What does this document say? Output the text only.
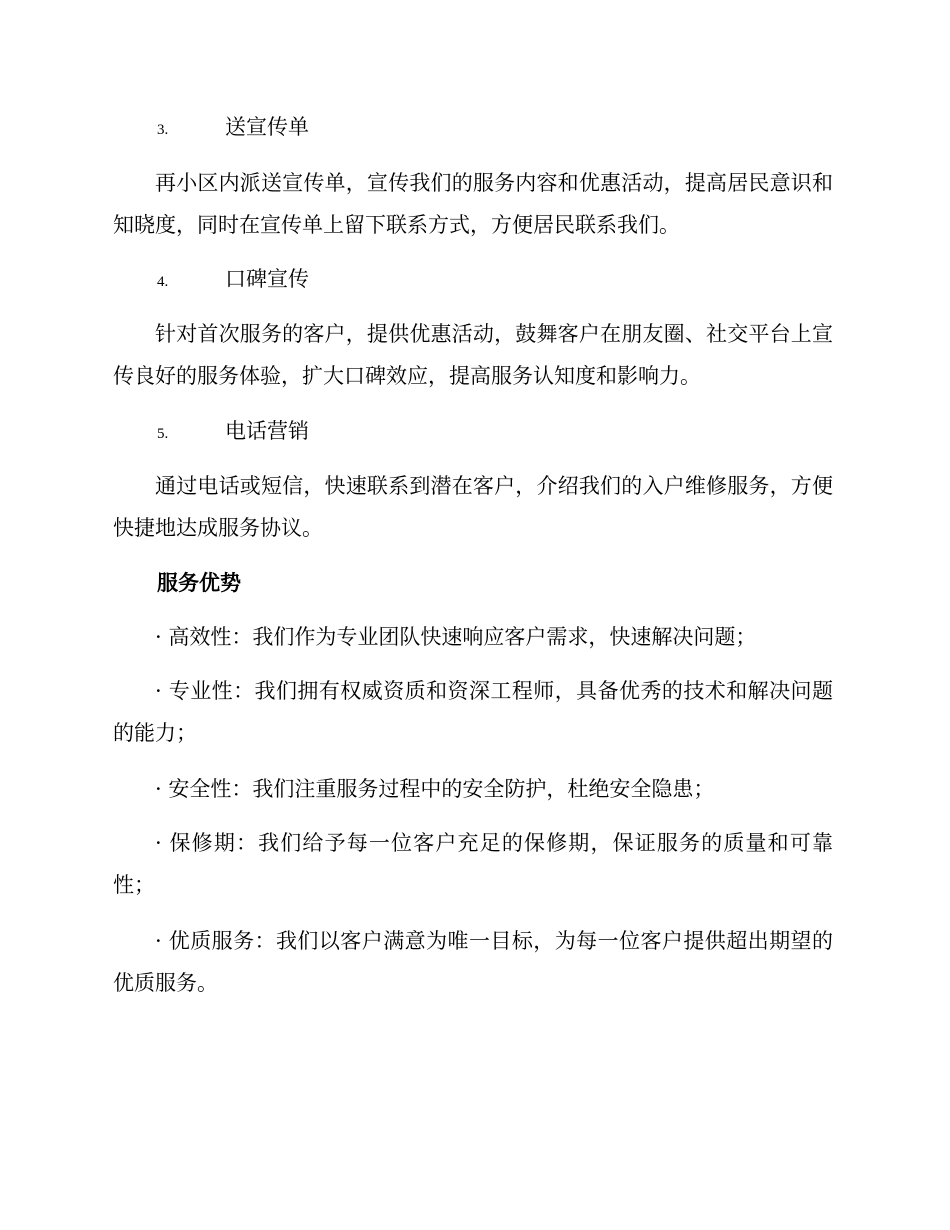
3.	送宣传单

再小区内派送宣传单，宣传我们的服务内容和优惠活动，提高居民意识和知晓度，同时在宣传单上留下联系方式，方便居民联系我们。

4.	口碑宣传

针对首次服务的客户，提供优惠活动，鼓舞客户在朋友圈、社交平台上宣传良好的服务体验，扩大口碑效应，提高服务认知度和影响力。

5.	电话营销

通过电话或短信，快速联系到潜在客户，介绍我们的入户维修服务，方便快捷地达成服务协议。

服务优势

· 高效性：我们作为专业团队快速响应客户需求，快速解决问题；

· 专业性：我们拥有权威资质和资深工程师，具备优秀的技术和解决问题的能力；

· 安全性：我们注重服务过程中的安全防护，杜绝安全隐患；

· 保修期：我们给予每一位客户充足的保修期，保证服务的质量和可靠性；

· 优质服务：我们以客户满意为唯一目标，为每一位客户提供超出期望的优质服务。
